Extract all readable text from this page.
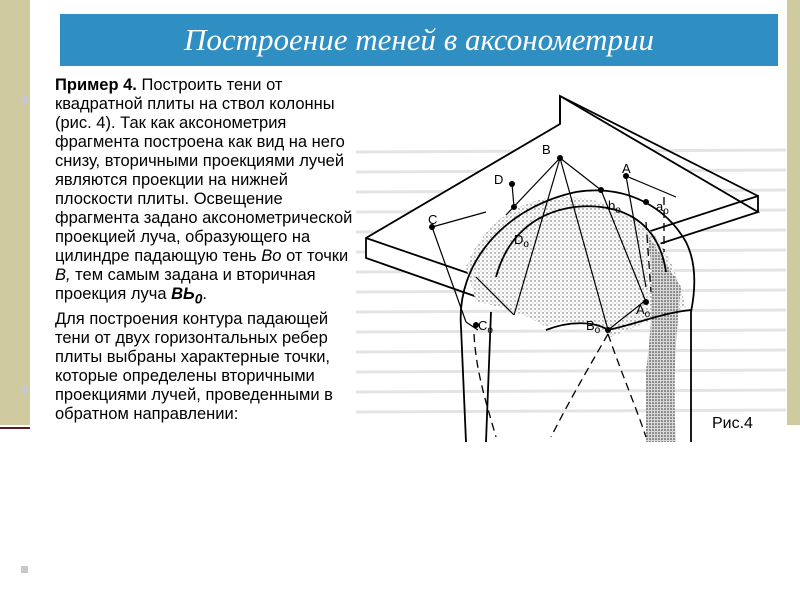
Построение теней в аксонометрии

Пример 4. Построить тени от квадратной плиты на ствол колонны (рис. 4). Так как аксонометрия фрагмента построена как вид на него снизу, вторичными проекциями лучей являются проекции на нижней плоскости плиты. Освещение фрагмента задано аксонометрической проекцией луча, образующего на цилиндре падающую тень Bo от точки B, тем самым задана и вторичная проекция луча $ВЬ_0$.

Для построения контура падающей тени от двух горизонтальных ребер плиты выбраны характерные точки, которые определены вторичными проекциями лучей, проведенными в обратном направлении:

B
A
D
C
$b_o$	$a_o$
$D_o$
$A_o$
$B_o$
$C_o$
Рис.4
